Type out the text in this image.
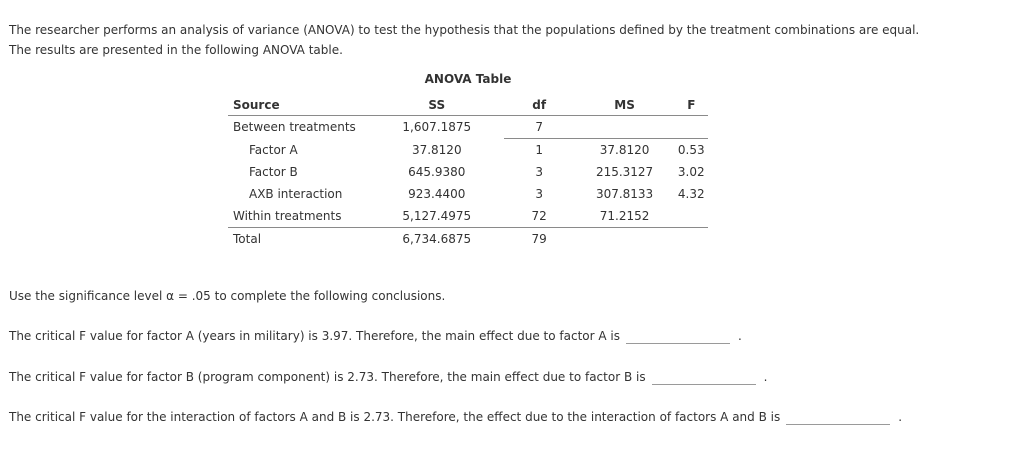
The researcher performs an analysis of variance (ANOVA) to test the hypothesis that the populations defined by the treatment combinations are equal.

The results are presented in the following ANOVA table.

ANOVA Table
Source	SS	df	MS	F
Between treatments	1,607.1875	7		
Factor A	37.8120	1	37.8120	0.53
Factor B	645.9380	3	215.3127	3.02
AXB interaction	923.4400	3	307.8133	4.32
Within treatments	5,127.4975	72	71.2152	
Total	6,734.6875	79		
Use the significance level α = .05 to complete the following conclusions.
The critical F value for factor A (years in military) is 3.97. Therefore, the main effect due to factor A is	.
The critical F value for factor B (program component) is 2.73. Therefore, the main effect due to factor B is	.
The critical F value for the interaction of factors A and B is 2.73. Therefore, the effect due to the interaction of factors A and B is	.
